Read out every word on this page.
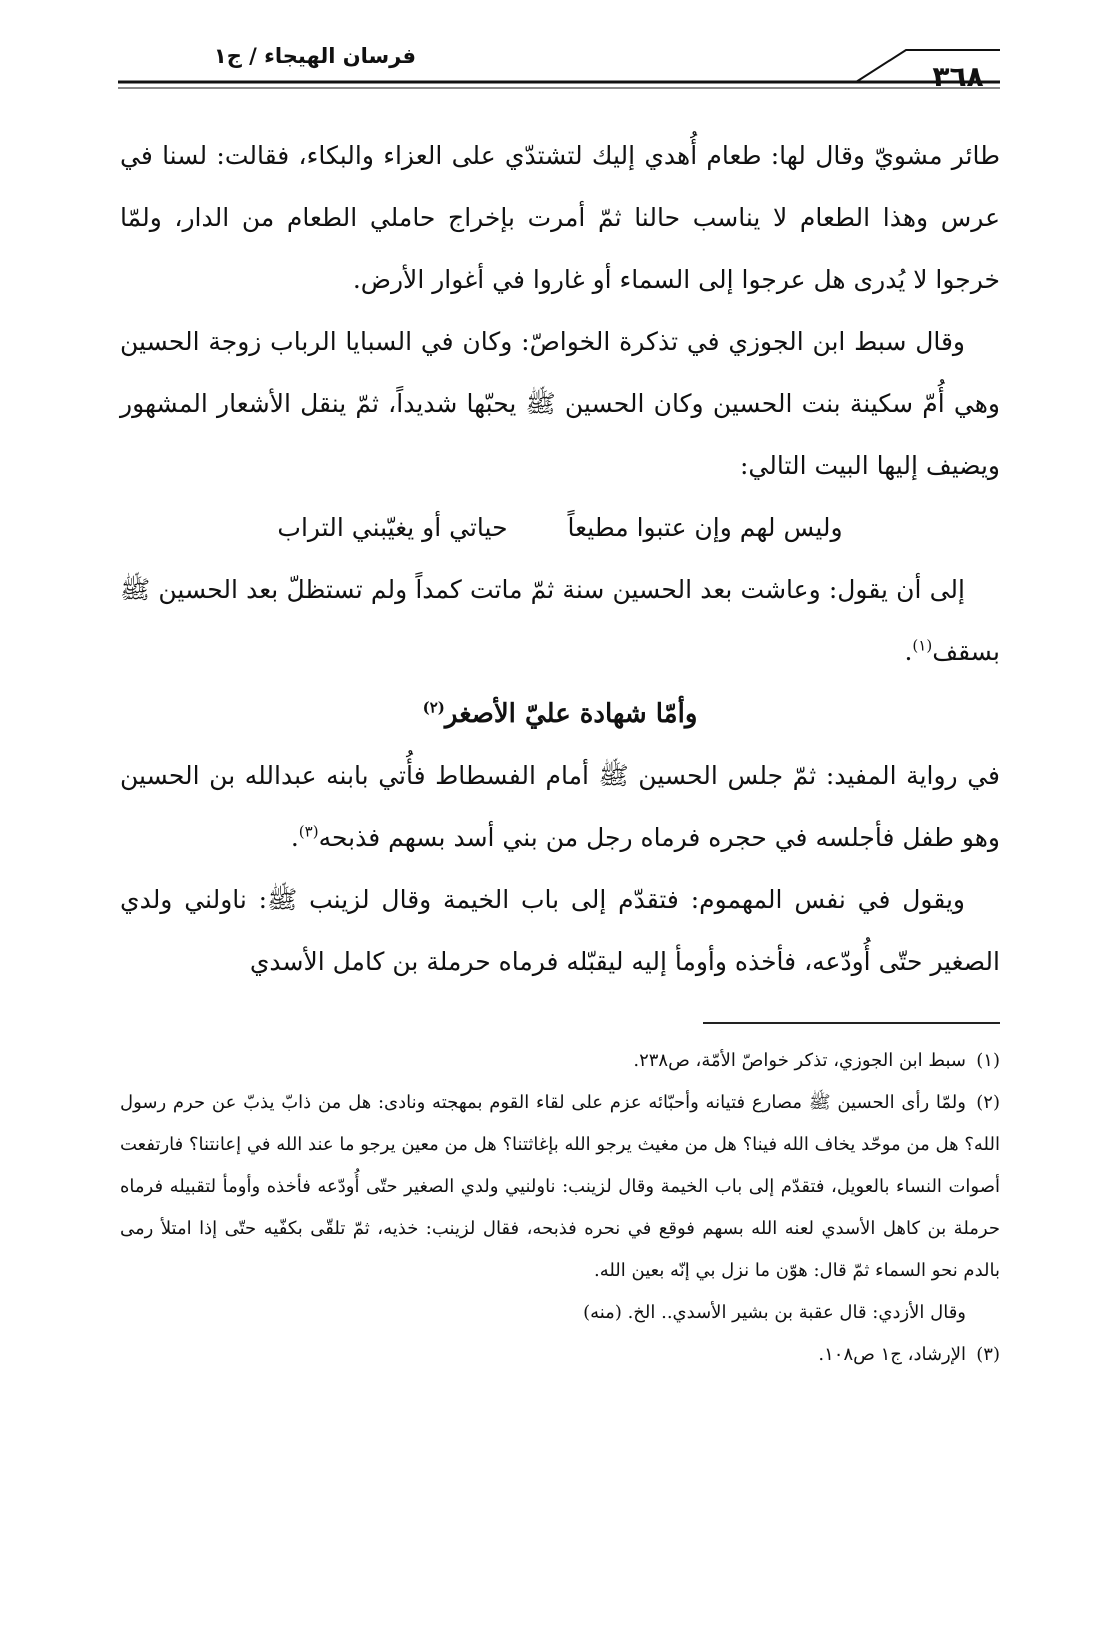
فرسان الهيجاء / ج١
٣٦٨

طائر مشويّ وقال لها: طعام أُهدي إليك لتشتدّي على العزاء والبكاء، فقالت: لسنا في عرس وهذا الطعام لا يناسب حالنا ثمّ أمرت بإخراج حاملي الطعام من الدار، ولمّا خرجوا لا يُدرى هل عرجوا إلى السماء أو غاروا في أغوار الأرض.

وقال سبط ابن الجوزي في تذكرة الخواصّ: وكان في السبايا الرباب زوجة الحسين وهي أُمّ سكينة بنت الحسين وكان الحسين ﷺ يحبّها شديداً، ثمّ ينقل الأشعار المشهور ويضيف إليها البيت التالي:

وليس لهم وإن عتبوا مطيعاً
حياتي أو يغيّبني التراب

إلى أن يقول: وعاشت بعد الحسين سنة ثمّ ماتت كمداً ولم تستظلّ بعد الحسين ﷺ بسقف$^{(١)}$.

وأمّا شهادة عليّ الأصغر$^{(٢)}$

في رواية المفيد: ثمّ جلس الحسين ﷺ أمام الفسطاط فأُتي بابنه عبدالله بن الحسين وهو طفل فأجلسه في حجره فرماه رجل من بني أسد بسهم فذبحه$^{(٣)}$.

ويقول في نفس المهموم: فتقدّم إلى باب الخيمة وقال لزينب ﷺ: ناولني ولدي الصغير حتّى أُودّعه، فأخذه وأومأ إليه ليقبّله فرماه حرملة بن كامل الأسدي

(١)سبط ابن الجوزي، تذكر خواصّ الأمّة، ص٢٣٨.

(٢)ولمّا رأى الحسين ﷺ مصارع فتيانه وأحبّائه عزم على لقاء القوم بمهجته ونادى: هل من ذابّ يذبّ عن حرم رسول الله؟ هل من موحّد يخاف الله فينا؟ هل من مغيث يرجو الله بإغاثتنا؟ هل من معين يرجو ما عند الله في إعانتنا؟ فارتفعت أصوات النساء بالعويل، فتقدّم إلى باب الخيمة وقال لزينب: ناولنيي ولدي الصغير حتّى أُودّعه فأخذه وأومأ لتقبيله فرماه حرملة بن كاهل الأسدي لعنه الله بسهم فوقع في نحره فذبحه، فقال لزينب: خذيه، ثمّ تلقّى بكفّيه حتّى إذا امتلأ رمى بالدم نحو السماء ثمّ قال: هوّن ما نزل بي إنّه بعين الله.

وقال الأزدي: قال عقبة بن بشير الأسدي.. الخ. (منه)

(٣)الإرشاد، ج١ ص١٠٨.
